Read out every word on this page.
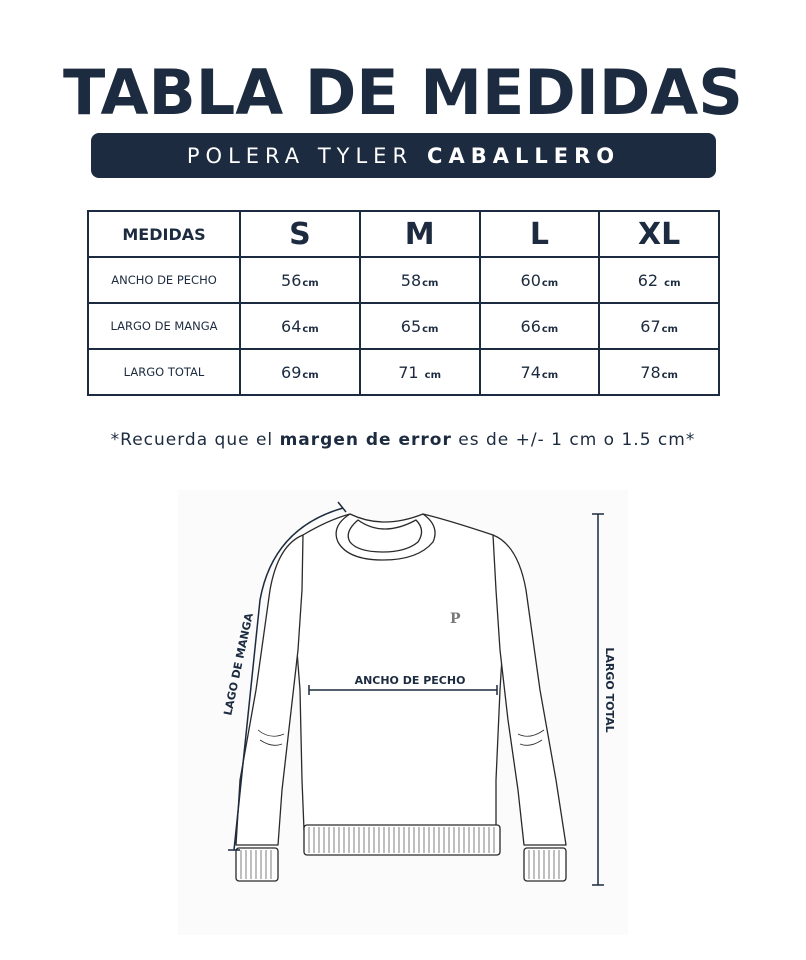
TABLA DE MEDIDAS
POLERA TYLER CABALLERO
MEDIDAS	S	M	L	XL
ANCHO DE PECHO	56cm	58cm	60cm	62 cm
LARGO DE MANGA	64cm	65cm	66cm	67cm
LARGO TOTAL	69cm	71 cm	74cm	78cm
*Recuerda que el margen de error es de +/- 1 cm o 1.5 cm*
P
ANCHO DE PECHO
LAGO DE MANGA	LARGO TOTAL
